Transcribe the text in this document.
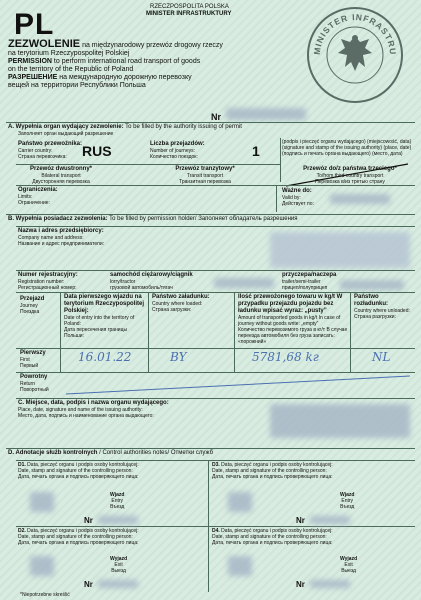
PL
RZECZPOSPOLITA POLSKA
MINISTER INFRASTRUKTURY
ZEZWOLENIE na międzynarodowy przewóz drogowy rzeczy
na terytorium Rzeczypospolitej Polskiej
PERMISSION to perform international road transport of goods
on the territory of the Republic of Poland
РАЗРЕШЕНИЕ на международную дорожную перевозку
вещей на территории Республики Польша
Nr
MINISTER INFRASTRU
A. Wypełnia organ wydający zezwolenie: To be filled by the authority issuing of permit
Заполняет орган выдающий разрешение
Państwo przewoźnika:
Carrier country:
Страна перевозчика:	RUS	Liczba przejazdów:
Number of journeys:
Количество поездок:	1
(podpis i pieczęć organu wydającego) (miejscowość, data)
(signature and stamp of the issuing authority) (place, date)
(подпись и печать органа выдающего) (место, дата)
Przewóz dwustronny*
Bilateral transport
Двусторонняя перевозка
Przewóz tranzytowy*
Transit transport
Транзитная перевозка
Przewóz do/z państwa trzeciego*
To/from third country transport
Перевозка в/из третью страну
Ograniczenia:
Limits:
Ограничение:
Ważne do:
Valid by:
Действует по:
B. Wypełnia posiadacz zezwolenia: To be filled by permission holder/ Заполняет обладатель разрешения
Nazwa i adres przedsiębiorcy:
Company name and address:
Название и адрес предприниматели:
Numer rejestracyjny:
Registration number:
Регистрационный номер:
samochód ciężarowy/ciągnik
lorry/tractor
грузовой автомобиль/тягач
przyczepa/naczepa
trailer/semi-trailer
прицеп/полуприцеп
Przejazd
Journey
Поездка
Data pierwszego wjazdu na terytorium Rzeczypospolitej Polskiej:
Date of entry into the territory of Poland:
Дата пересечения границы Польши:
Państwo załadunku:
Country where loaded:
Страна загрузки:
Ilość przewożonego towaru w kg/t W przypadku przejazdu pojazdu bez ładunku wpisać wyraz: „pusty”
Amount of transported goods in kg/t In case of journey without goods write: „empty”
Количество перевозимого груза в кг/т В случае переезда автомобиля без груза записать: «порожний»
Państwo rozładunku:
Country where unloaded:
Страна разгрузки:
Pierwszy
First
Первый
16.01.22	BY	5781,68 kг	NL
Powrotny
Return
Поворотный
C. Miejsce, data, podpis i nazwa organu wydającego:
Place, date, signature and name of the issuing authority:
Место, дата, подпись и наименование органа выдающего:
D. Adnotacje służb kontrolnych / Control authorities notes/ Отметки служб
D1. Data, pieczęć organu i podpis osoby kontrolującej:
Date, stamp and signature of the controlling person:
Дата, печать органа и подпись проверяющего лица:
Wjazd
Entry
Въезд
Nr
D3. Data, pieczęć organu i podpis osoby kontrolującej:
Date, stamp and signature of the controlling person:
Дата, печать органа и подпись проверяющего лица:
Wjazd
Entry
Въезд
Nr
D2. Data, pieczęć organu i podpis osoby kontrolującej:
Date, stamp and signature of the controlling person:
Дата, печать органа и подпись проверяющего лица:
Wyjazd
Exit
Выезд
Nr
D4. Data, pieczęć organu i podpis osoby kontrolującej:
Date, stamp and signature of the controlling person:
Дата, печать органа и подпись проверяющего лица:
Wyjazd
Exit
Выезд
Nr
*Niepotrzebne skreślić
